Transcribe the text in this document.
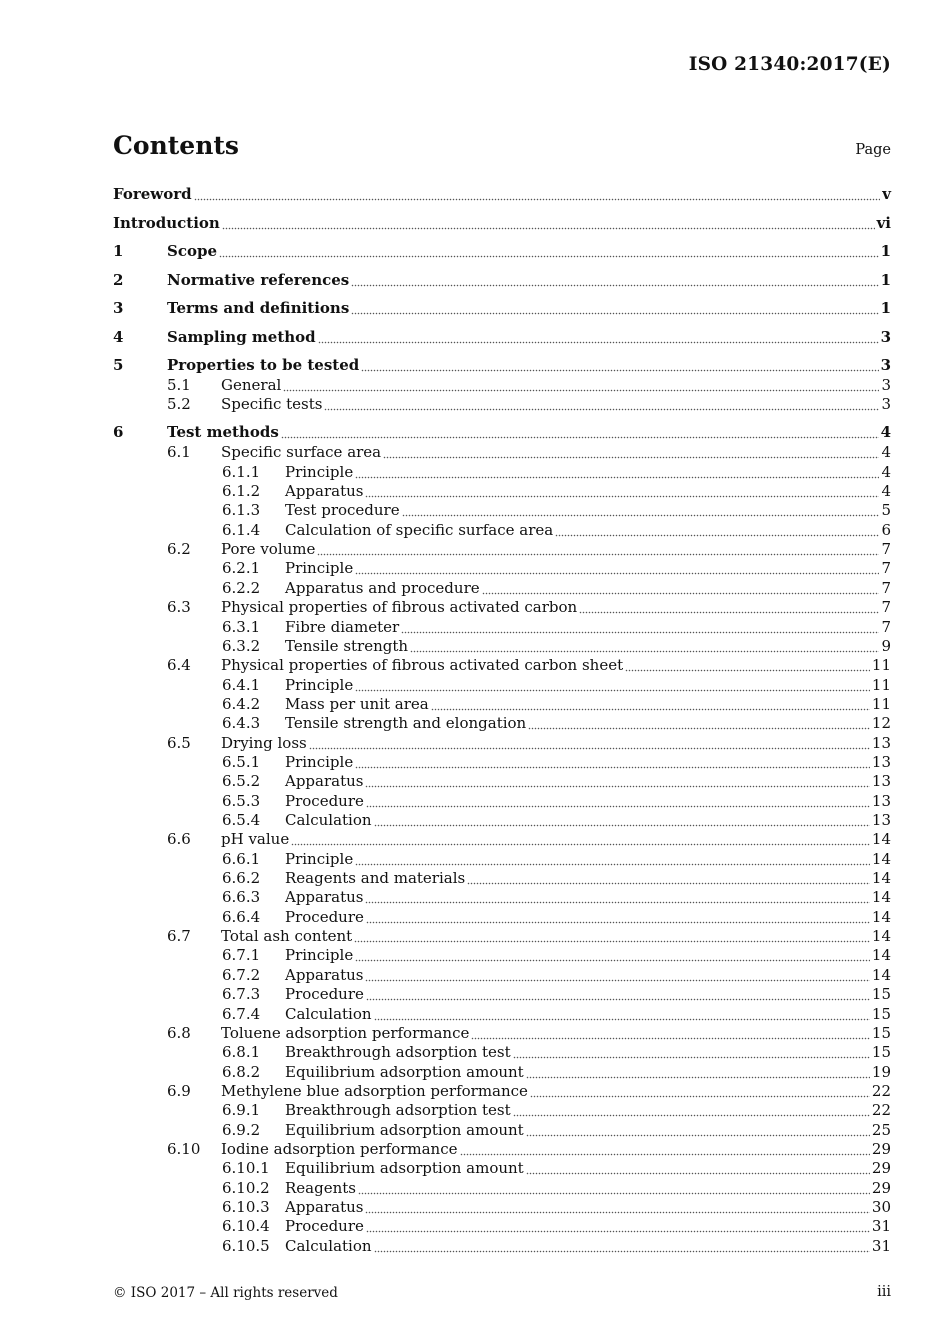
ISO 21340:2017(E)
Contents	Page
Foreword	v
Introduction	vi
1	Scope	1
2	Normative references	1
3	Terms and definitions	1
4	Sampling method	3
5	Properties to be tested	3
5.1	General	3
5.2	Specific tests	3
6	Test methods	4
6.1	Specific surface area	4
6.1.1	Principle	4
6.1.2	Apparatus	4
6.1.3	Test procedure	5
6.1.4	Calculation of specific surface area	6
6.2	Pore volume	7
6.2.1	Principle	7
6.2.2	Apparatus and procedure	7
6.3	Physical properties of fibrous activated carbon	7
6.3.1	Fibre diameter	7
6.3.2	Tensile strength	9
6.4	Physical properties of fibrous activated carbon sheet	11
6.4.1	Principle	11
6.4.2	Mass per unit area	11
6.4.3	Tensile strength and elongation	12
6.5	Drying loss	13
6.5.1	Principle	13
6.5.2	Apparatus	13
6.5.3	Procedure	13
6.5.4	Calculation	13
6.6	pH value	14
6.6.1	Principle	14
6.6.2	Reagents and materials	14
6.6.3	Apparatus	14
6.6.4	Procedure	14
6.7	Total ash content	14
6.7.1	Principle	14
6.7.2	Apparatus	14
6.7.3	Procedure	15
6.7.4	Calculation	15
6.8	Toluene adsorption performance	15
6.8.1	Breakthrough adsorption test	15
6.8.2	Equilibrium adsorption amount	19
6.9	Methylene blue adsorption performance	22
6.9.1	Breakthrough adsorption test	22
6.9.2	Equilibrium adsorption amount	25
6.10	Iodine adsorption performance	29
6.10.1	Equilibrium adsorption amount	29
6.10.2	Reagents	29
6.10.3	Apparatus	30
6.10.4	Procedure	31
6.10.5	Calculation	31
© ISO 2017 – All rights reserved	iii
